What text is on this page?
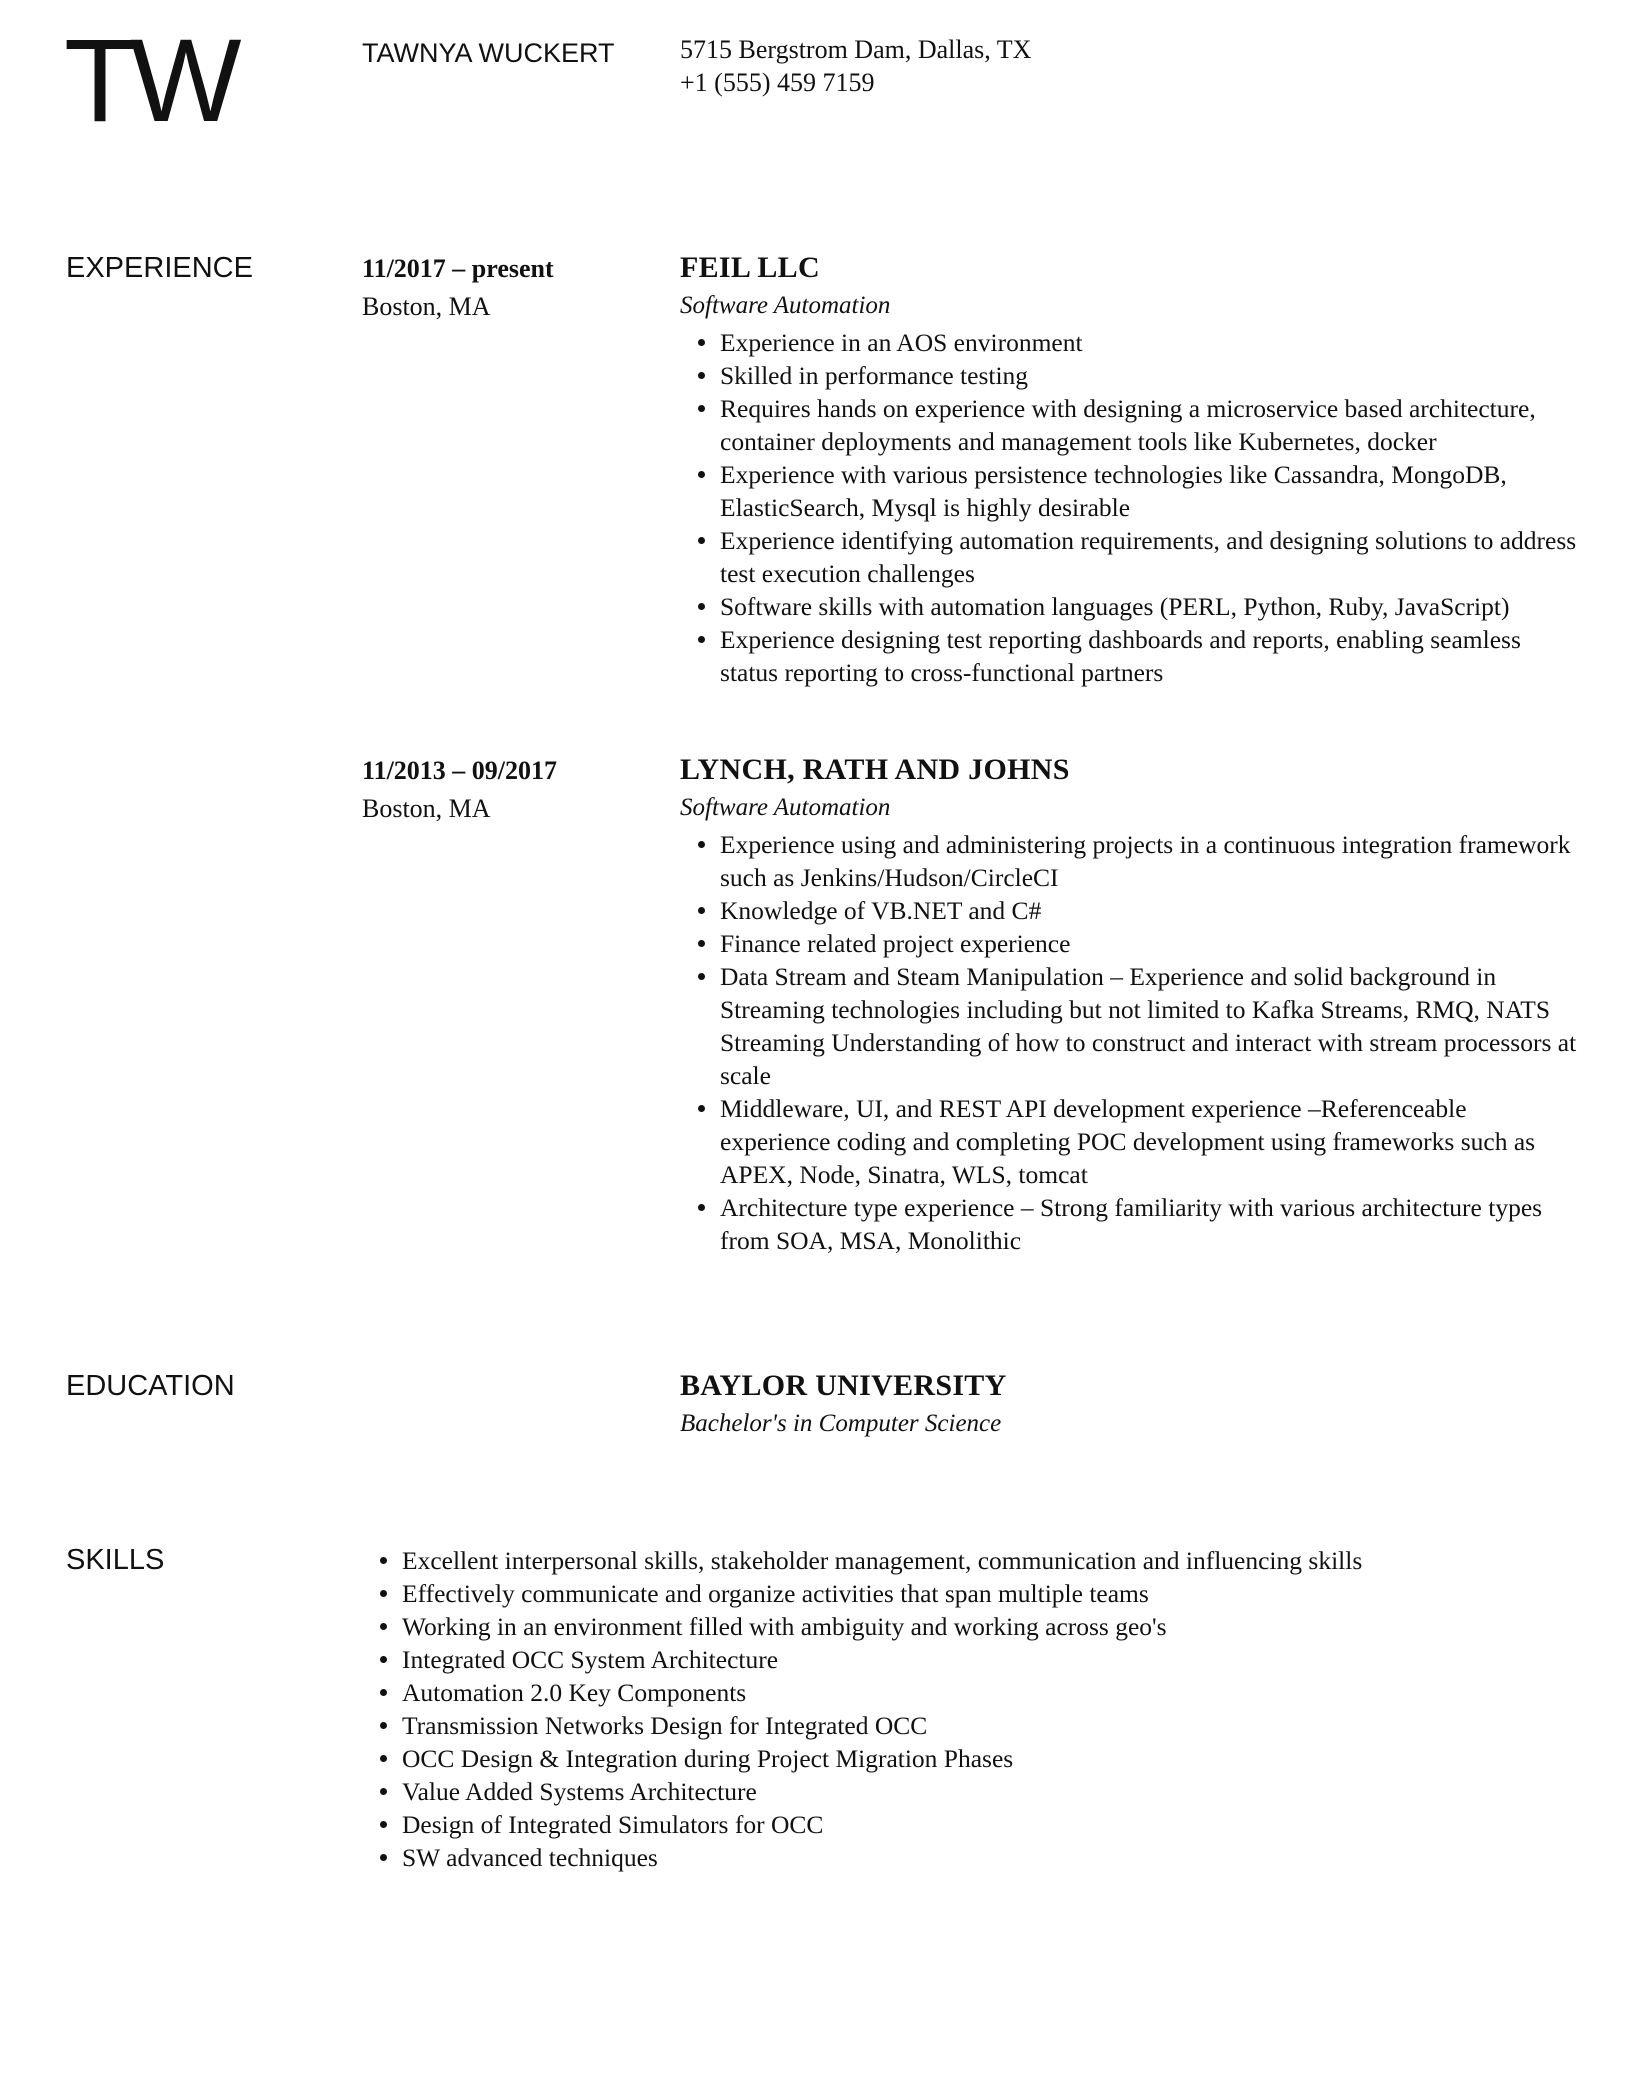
TW	TAWNYA WUCKERT	5715 Bergstrom Dam, Dallas, TX
+1 (555) 459 7159
EXPERIENCE	11/2017 – present
Boston, MA
FEIL LLC
Software Automation
Experience in an AOS environment
Skilled in performance testing
Requires hands on experience with designing a microservice based architecture, container deployments and management tools like Kubernetes, docker
Experience with various persistence technologies like Cassandra, MongoDB, ElasticSearch, Mysql is highly desirable
Experience identifying automation requirements, and designing solutions to address test execution challenges
Software skills with automation languages (PERL, Python, Ruby, JavaScript)
Experience designing test reporting dashboards and reports, enabling seamless status reporting to cross-functional partners
11/2013 – 09/2017
Boston, MA
LYNCH, RATH AND JOHNS
Software Automation
Experience using and administering projects in a continuous integration framework such as Jenkins/Hudson/CircleCI
Knowledge of VB.NET and C#
Finance related project experience
Data Stream and Steam Manipulation – Experience and solid background in Streaming technologies including but not limited to Kafka Streams, RMQ, NATS Streaming Understanding of how to construct and interact with stream processors at scale
Middleware, UI, and REST API development experience –Referenceable experience coding and completing POC development using frameworks such as APEX, Node, Sinatra, WLS, tomcat
Architecture type experience – Strong familiarity with various architecture types from SOA, MSA, Monolithic
EDUCATION	BAYLOR UNIVERSITY
Bachelor's in Computer Science
SKILLS	Excellent interpersonal skills, stakeholder management, communication and influencing skills
Effectively communicate and organize activities that span multiple teams
Working in an environment filled with ambiguity and working across geo's
Integrated OCC System Architecture
Automation 2.0 Key Components
Transmission Networks Design for Integrated OCC
OCC Design & Integration during Project Migration Phases
Value Added Systems Architecture
Design of Integrated Simulators for OCC
SW advanced techniques
